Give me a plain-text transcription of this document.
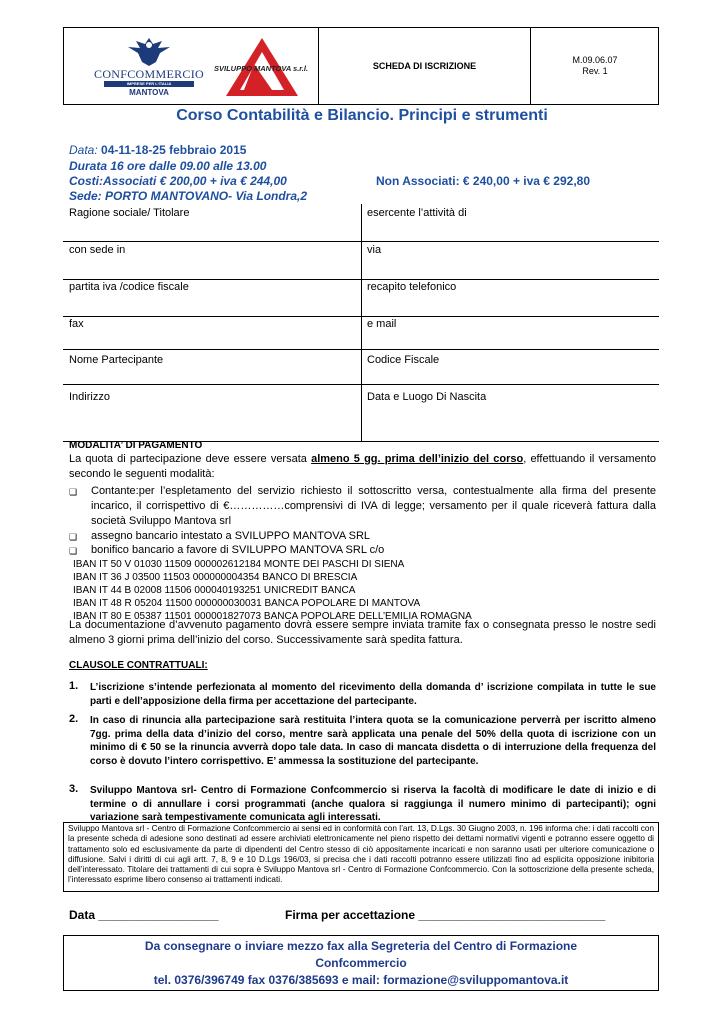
CONFCOMMERCIO
IMPRESE PER L'ITALIA
MANTOVA
SVILUPPO MANTOVA s.r.l.	SCHEDA DI ISCRIZIONE
M.09.06.07
Rev. 1
Corso Contabilità e Bilancio. Principi e strumenti
Data: 04-11-18-25 febbraio 2015
Durata 16 ore dalle 09.00 alle 13.00
Costi:Associati € 200,00 + iva € 244,00	Non Associati: € 240,00 + iva € 292,80
Sede: PORTO MANTOVANO- Via Londra,2
Ragione sociale/ Titolare	esercente l’attività di
con sede in	via
partita iva /codice fiscale	recapito telefonico
fax	e mail
Nome Partecipante	Codice Fiscale
Indirizzo	Data e Luogo Di Nascita
MODALITA’ DI PAGAMENTO
La quota di partecipazione deve essere versata almeno 5 gg. prima dell’inizio del corso, effettuando il versamento secondo le seguenti modalità:
❏ Contante:per l’espletamento del servizio richiesto il sottoscritto versa, contestualmente alla firma del presente incarico, il corrispettivo di €……………comprensivi di IVA di legge; versamento per il quale riceverà fattura dalla società Sviluppo Mantova srl
❏ assegno bancario intestato a SVILUPPO MANTOVA SRL
❏ bonifico bancario a favore di SVILUPPO MANTOVA SRL c/o
IBAN IT 50 V 01030 11509 000002612184 MONTE DEI PASCHI DI SIENA
IBAN IT 36 J 03500 11503 000000004354 BANCO DI BRESCIA
IBAN IT 44 B 02008 11506 000040193251 UNICREDIT BANCA
IBAN IT 48 R 05204 11500 000000030031 BANCA POPOLARE DI MANTOVA
IBAN IT 80 E 05387 11501 000001827073 BANCA POPOLARE DELL’EMILIA ROMAGNA
La documentazione d’avvenuto pagamento dovrà essere sempre inviata tramite fax o consegnata presso le nostre sedi almeno 3 giorni prima dell’inizio del corso. Successivamente sarà spedita fattura.
CLAUSOLE CONTRATTUALI:
1. L’iscrizione s’intende perfezionata al momento del ricevimento della domanda d’ iscrizione compilata in tutte le sue parti e dell’apposizione della firma per accettazione del partecipante.
2. In caso di rinuncia alla partecipazione sarà restituita l’intera quota se la comunicazione perverrà per iscritto almeno 7gg. prima della data d’inizio del corso, mentre sarà applicata una penale del 50% della quota di iscrizione con un minimo di € 50 se la rinuncia avverrà dopo tale data. In caso di mancata disdetta o di interruzione della frequenza del corso è dovuto l’intero corrispettivo. E’ ammessa la sostituzione del partecipante.
3. Sviluppo Mantova srl- Centro di Formazione Confcommercio si riserva la facoltà di modificare le date di inizio e di termine o di annullare i corsi programmati (anche qualora si raggiunga il numero minimo di partecipanti); ogni variazione sarà tempestivamente comunicata agli interessati.
Sviluppo Mantova srl - Centro di Formazione Confcommercio ai sensi ed in conformità con l’art. 13, D.Lgs. 30 Giugno 2003, n. 196 informa che: i dati raccolti con la presente scheda di adesione sono destinati ad essere archiviati elettronicamente nel pieno rispetto dei dettami normativi vigenti e potranno essere oggetto di trattamento solo ed esclusivamente da parte di dipendenti del Centro stesso di ciò appositamente incaricati e non saranno usati per ulteriore comunicazione o diffusione. Salvi i diritti di cui agli artt. 7, 8, 9 e 10 D.Lgs 196/03, si precisa che i dati raccolti potranno essere utilizzati fino ad esplicita opposizione inibitoria dell’interessato. Titolare dei trattamenti di cui sopra è Sviluppo Mantova srl - Centro di Formazione Confcommercio. Con la sottoscrizione della presente scheda, l’interessato esprime libero consenso ai trattamenti indicati.
Data __________________	Firma per accettazione ____________________________
Da consegnare o inviare mezzo fax alla Segreteria del Centro di Formazione
Confcommercio
tel. 0376/396749 fax 0376/385693 e mail: formazione@sviluppomantova.it
